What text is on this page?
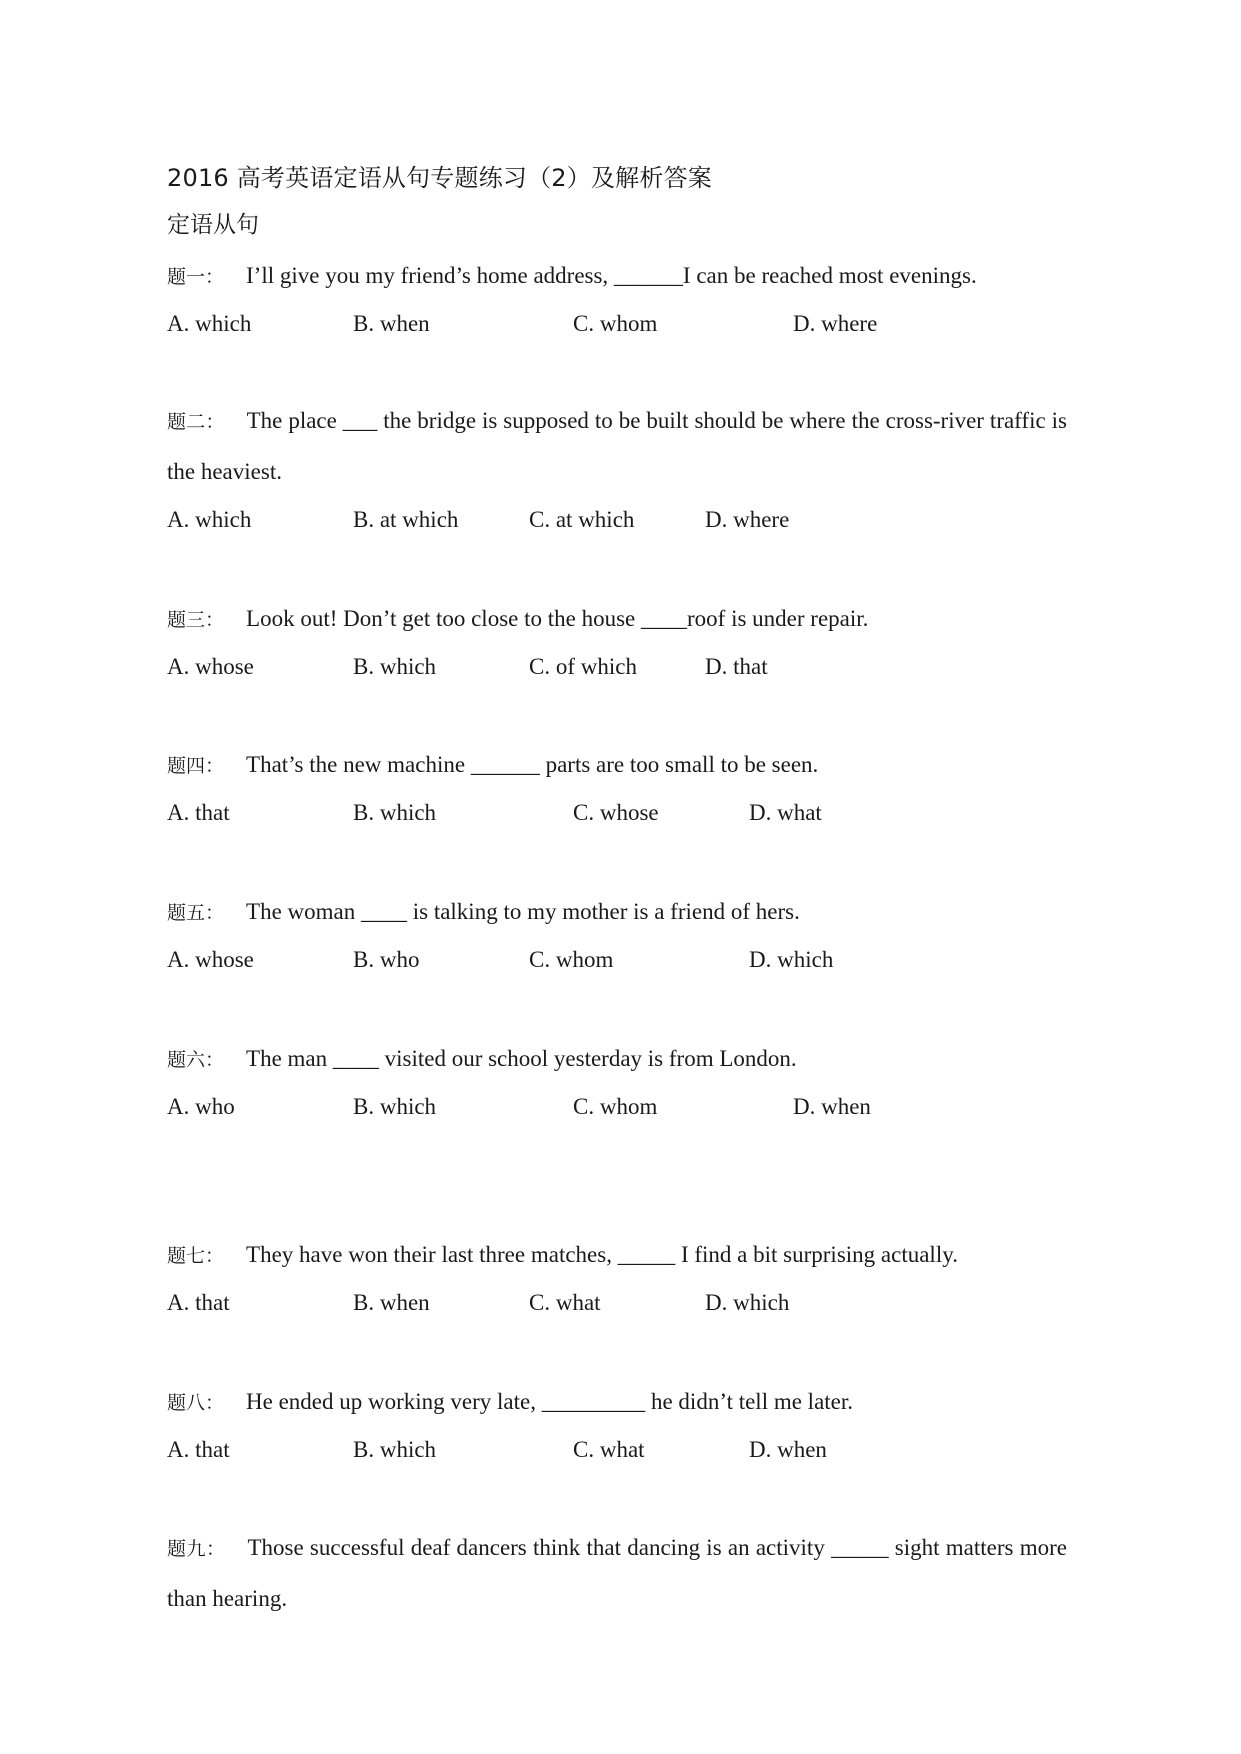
2016 高考英语定语从句专题练习（2）及解析答案
定语从句
题一： I’ll give you my friend’s home address, ______I can be reached most evenings.
A. which	B. when	C. whom	D. where
题二： The place ___ the bridge is supposed to be built should be where the cross-river traffic is the heaviest.
A. which	B. at which	C. at which	D. where
题三： Look out! Don’t get too close to the house ____roof is under repair.
A. whose	B. which	C. of which	D. that
题四： That’s the new machine ______ parts are too small to be seen.
A. that	B. which	C. whose	D. what
题五： The woman ____ is talking to my mother is a friend of hers.
A. whose	B. who	C. whom	D. which
题六： The man ____ visited our school yesterday is from London.
A. who	B. which	C. whom	D. when
题七： They have won their last three matches, _____ I find a bit surprising actually.
A. that	B. when	C. what	D. which
题八： He ended up working very late, _________ he didn’t tell me later.
A. that	B. which	C. what	D. when
题九： Those successful deaf dancers think that dancing is an activity _____ sight matters more than hearing.
